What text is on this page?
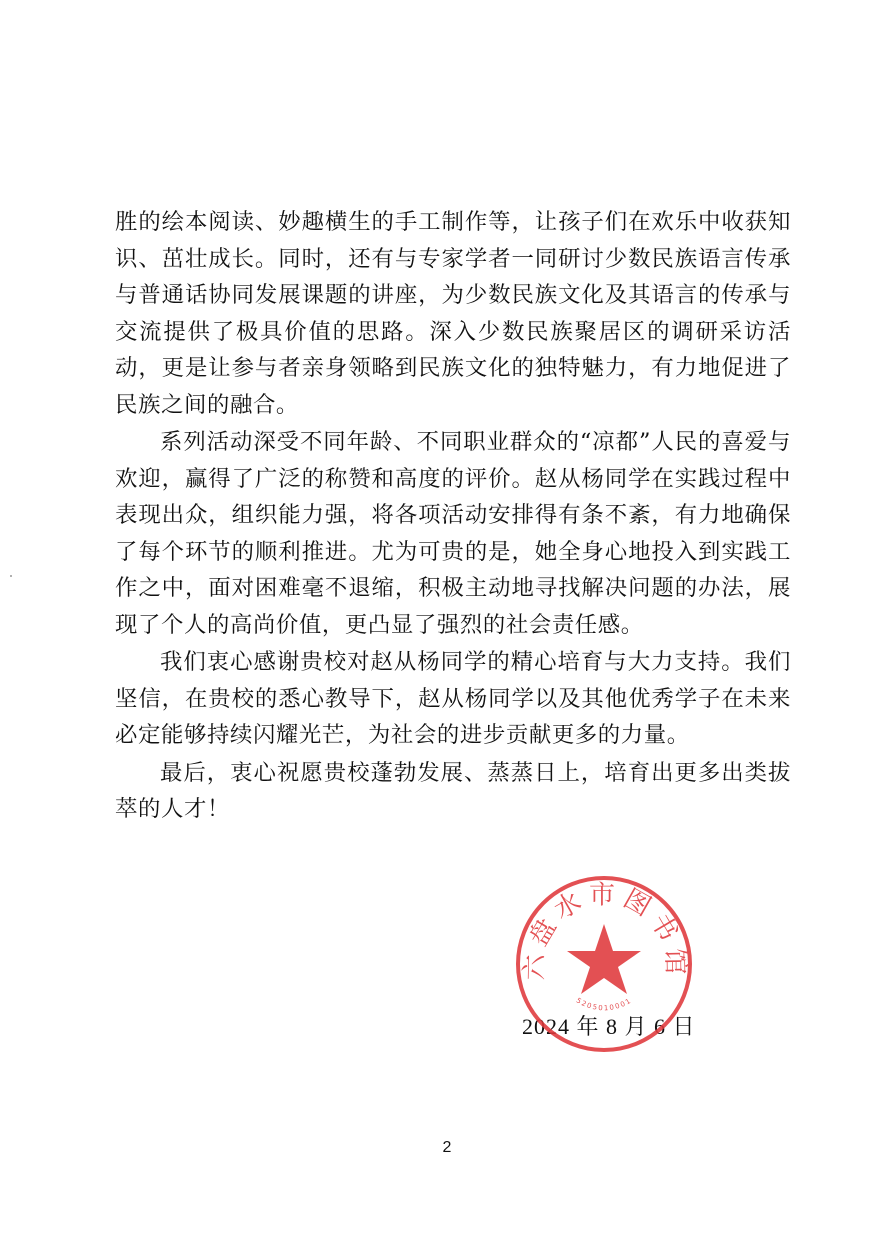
胜的绘本阅读、妙趣横生的手工制作等，让孩子们在欢乐中收获知识、茁壮成长。同时，还有与专家学者一同研讨少数民族语言传承与普通话协同发展课题的讲座，为少数民族文化及其语言的传承与交流提供了极具价值的思路。深入少数民族聚居区的调研采访活动，更是让参与者亲身领略到民族文化的独特魅力，有力地促进了民族之间的融合。

系列活动深受不同年龄、不同职业群众的“凉都”人民的喜爱与欢迎，赢得了广泛的称赞和高度的评价。赵从杨同学在实践过程中表现出众，组织能力强，将各项活动安排得有条不紊，有力地确保了每个环节的顺利推进。尤为可贵的是，她全身心地投入到实践工作之中，面对困难毫不退缩，积极主动地寻找解决问题的办法，展现了个人的高尚价值，更凸显了强烈的社会责任感。

我们衷心感谢贵校对赵从杨同学的精心培育与大力支持。我们坚信，在贵校的悉心教导下，赵从杨同学以及其他优秀学子在未来必定能够持续闪耀光芒，为社会的进步贡献更多的力量。

最后，衷心祝愿贵校蓬勃发展、蒸蒸日上，培育出更多出类拔萃的人才！

2024 年 8 月 6 日
六盘水市图书馆
5205010001
2
